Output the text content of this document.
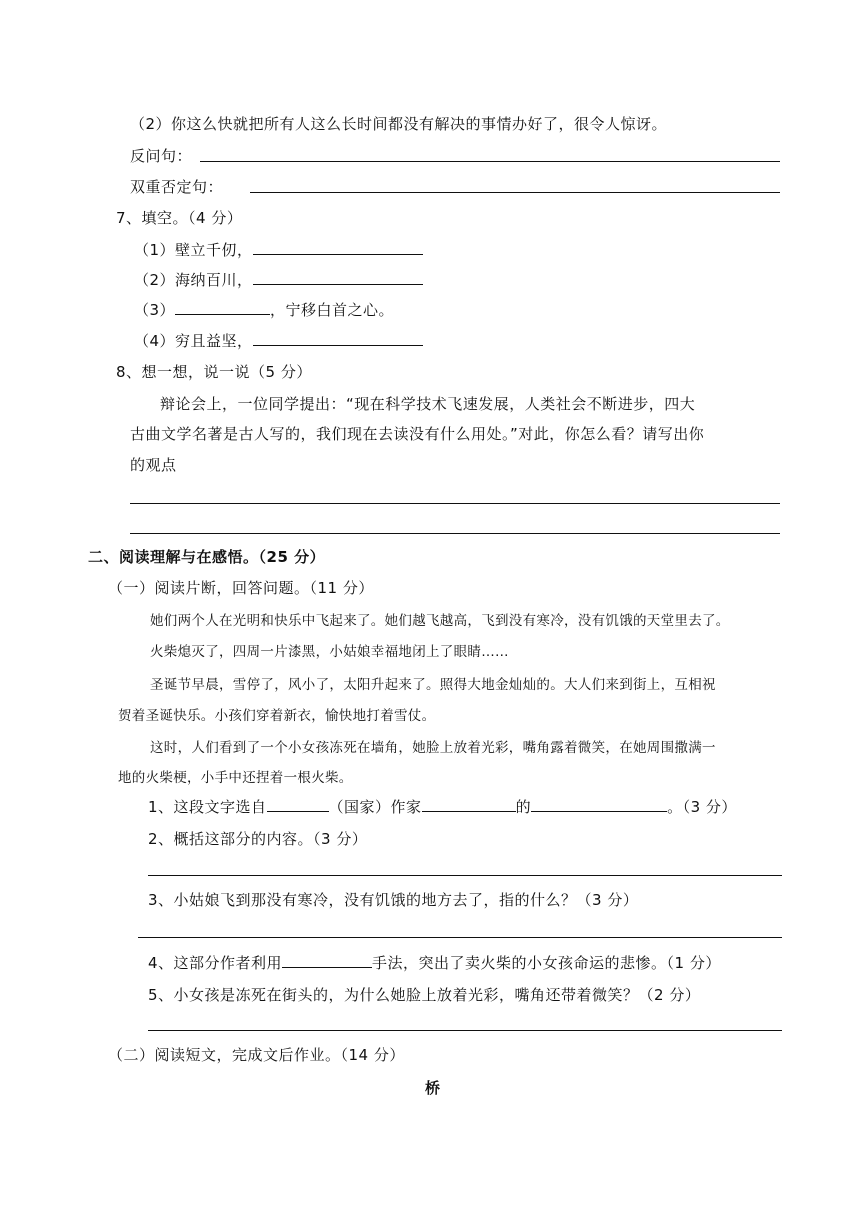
（2）你这么快就把所有人这么长时间都没有解决的事情办好了，很令人惊讶。
反问句：
双重否定句：
7、填空。（4 分）
（1）壁立千仞，
（2）海纳百川，
（3）	，宁移白首之心。
（4）穷且益坚，
8、想一想，说一说（5 分）
辩论会上，一位同学提出：“现在科学技术飞速发展，人类社会不断进步，四大
古曲文学名著是古人写的，我们现在去读没有什么用处。”对此，你怎么看？请写出你
的观点
二、阅读理解与在感悟。（25 分）
（一）阅读片断，回答问题。（11 分）
她们两个人在光明和快乐中飞起来了。她们越飞越高，飞到没有寒冷，没有饥饿的天堂里去了。
火柴熄灭了，四周一片漆黑，小姑娘幸福地闭上了眼睛……
圣诞节早晨，雪停了，风小了，太阳升起来了。照得大地金灿灿的。大人们来到街上，互相祝
贺着圣诞快乐。小孩们穿着新衣，愉快地打着雪仗。
这时，人们看到了一个小女孩冻死在墙角，她脸上放着光彩，嘴角露着微笑，在她周围撒满一
地的火柴梗，小手中还捏着一根火柴。
1、这段文字选自	（国家）作家	的	。（3 分）
2、概括这部分的内容。（3 分）
3、小姑娘飞到那没有寒冷，没有饥饿的地方去了，指的什么？（3 分）
4、这部分作者利用	手法，突出了卖火柴的小女孩命运的悲惨。（1 分）
5、小女孩是冻死在街头的，为什么她脸上放着光彩，嘴角还带着微笑？（2 分）
（二）阅读短文，完成文后作业。（14 分）
桥
